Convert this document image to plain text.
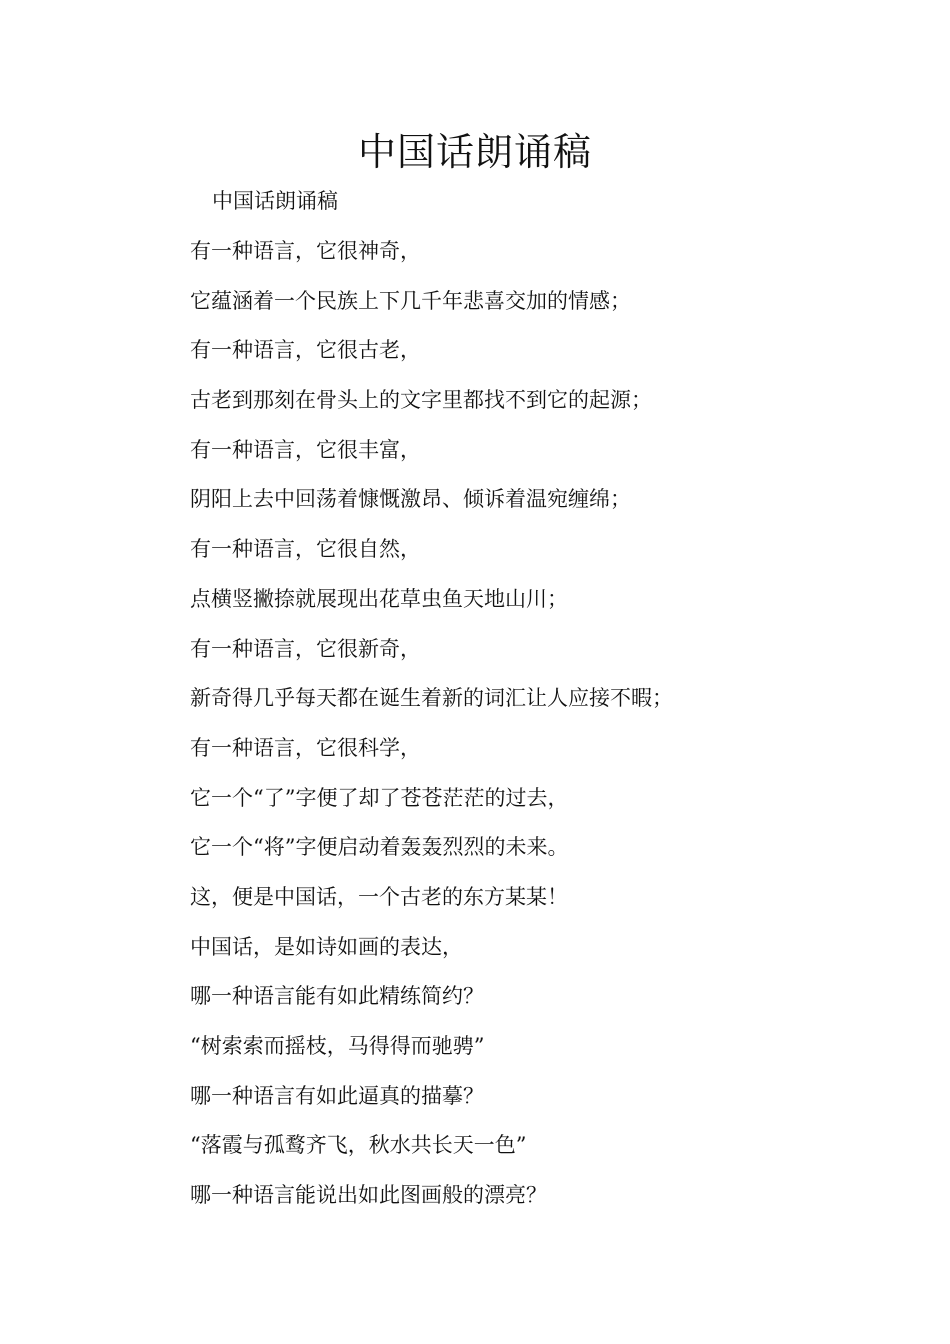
中国话朗诵稿

中国话朗诵稿

有一种语言，它很神奇，
它蕴涵着一个民族上下几千年悲喜交加的情感；
有一种语言，它很古老，
古老到那刻在骨头上的文字里都找不到它的起源；
有一种语言，它很丰富，
阴阳上去中回荡着慷慨激昂、倾诉着温宛缠绵；
有一种语言，它很自然，
点横竖撇捺就展现出花草虫鱼天地山川；
有一种语言，它很新奇，
新奇得几乎每天都在诞生着新的词汇让人应接不暇；
有一种语言，它很科学，
它一个“了”字便了却了苍苍茫茫的过去，
它一个“将”字便启动着轰轰烈烈的未来。
这，便是中国话，一个古老的东方某某！
中国话，是如诗如画的表达，
哪一种语言能有如此精练简约？
“树索索而摇枝，马得得而驰骋”
哪一种语言有如此逼真的描摹？
“落霞与孤鹜齐飞，秋水共长天一色”
哪一种语言能说出如此图画般的漂亮？
